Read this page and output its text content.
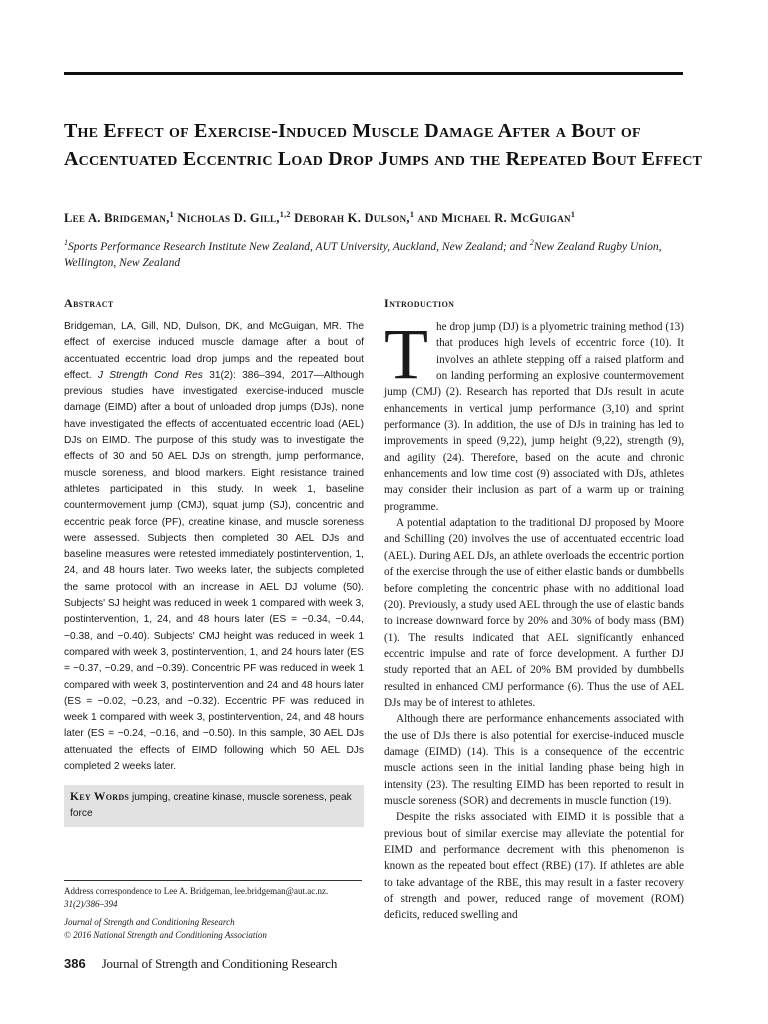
The Effect of Exercise-Induced Muscle Damage After a Bout of Accentuated Eccentric Load Drop Jumps and the Repeated Bout Effect
Lee A. Bridgeman,$^1$ Nicholas D. Gill,$^{1,2}$ Deborah K. Dulson,$^1$ and Michael R. McGuigan$^1$
$^1$Sports Performance Research Institute New Zealand, AUT University, Auckland, New Zealand; and $^2$New Zealand Rugby Union, Wellington, New Zealand
Abstract

Bridgeman, LA, Gill, ND, Dulson, DK, and McGuigan, MR. The effect of exercise induced muscle damage after a bout of accentuated eccentric load drop jumps and the repeated bout effect. J Strength Cond Res 31(2): 386–394, 2017—Although previous studies have investigated exercise-induced muscle damage (EIMD) after a bout of unloaded drop jumps (DJs), none have investigated the effects of accentuated eccentric load (AEL) DJs on EIMD. The purpose of this study was to investigate the effects of 30 and 50 AEL DJs on strength, jump performance, muscle soreness, and blood markers. Eight resistance trained athletes participated in this study. In week 1, baseline countermovement jump (CMJ), squat jump (SJ), concentric and eccentric peak force (PF), creatine kinase, and muscle soreness were assessed. Subjects then completed 30 AEL DJs and baseline measures were retested immediately postintervention, 1, 24, and 48 hours later. Two weeks later, the subjects completed the same protocol with an increase in AEL DJ volume (50). Subjects' SJ height was reduced in week 1 compared with week 3, postintervention, 1, 24, and 48 hours later (ES = −0.34, −0.44, −0.38, and −0.40). Subjects' CMJ height was reduced in week 1 compared with week 3, postintervention, 1, and 24 hours later (ES = −0.37, −0.29, and −0.39). Concentric PF was reduced in week 1 compared with week 3, postintervention and 24 and 48 hours later (ES = −0.02, −0.23, and −0.32). Eccentric PF was reduced in week 1 compared with week 3, postintervention, 24, and 48 hours later (ES = −0.24, −0.16, and −0.50). In this sample, 30 AEL DJs attenuated the effects of EIMD following which 50 AEL DJs completed 2 weeks later.

Key Words jumping, creatine kinase, muscle soreness, peak force
Address correspondence to Lee A. Bridgeman, lee.bridgeman@aut.ac.nz.
31(2)/386–394
Journal of Strength and Conditioning Research
© 2016 National Strength and Conditioning Association
386 Journal of Strength and Conditioning Research
Introduction

The drop jump (DJ) is a plyometric training method (13) that produces high levels of eccentric force (10). It involves an athlete stepping off a raised platform and on landing performing an explosive countermovement jump (CMJ) (2). Research has reported that DJs result in acute enhancements in vertical jump performance (3,10) and sprint performance (3). In addition, the use of DJs in training has led to improvements in speed (9,22), jump height (9,22), strength (9), and agility (24). Therefore, based on the acute and chronic enhancements and low time cost (9) associated with DJs, athletes may consider their inclusion as part of a warm up or training programme.

A potential adaptation to the traditional DJ proposed by Moore and Schilling (20) involves the use of accentuated eccentric load (AEL). During AEL DJs, an athlete overloads the eccentric portion of the exercise through the use of either elastic bands or dumbbells before completing the concentric phase with no additional load (20). Previously, a study used AEL through the use of elastic bands to increase downward force by 20% and 30% of body mass (BM) (1). The results indicated that AEL significantly enhanced eccentric impulse and rate of force development. A further DJ study reported that an AEL of 20% BM provided by dumbbells resulted in enhanced CMJ performance (6). Thus the use of AEL DJs may be of interest to athletes.

Although there are performance enhancements associated with the use of DJs there is also potential for exercise-induced muscle damage (EIMD) (14). This is a consequence of the eccentric muscle actions seen in the initial landing phase being high in intensity (23). The resulting EIMD has been reported to result in muscle soreness (SOR) and decrements in muscle function (19).

Despite the risks associated with EIMD it is possible that a previous bout of similar exercise may alleviate the potential for EIMD and performance decrement with this phenomenon is known as the repeated bout effect (RBE) (17). If athletes are able to take advantage of the RBE, this may result in a faster recovery of strength and power, reduced range of movement (ROM) deficits, reduced swelling and
